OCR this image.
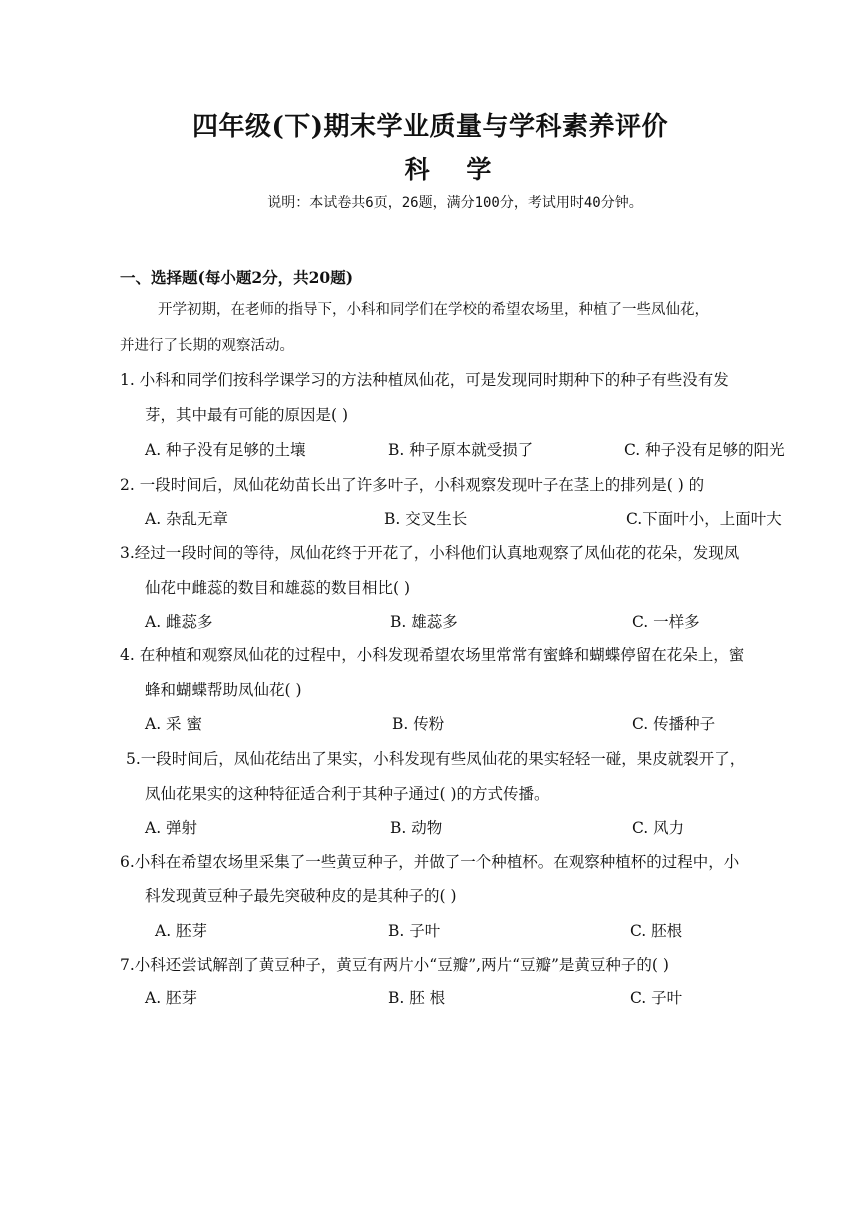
四年级(下)期末学业质量与学科素养评价
科 学
说明：本试卷共6页，26题，满分100分，考试用时40分钟。
一、选择题(每小题2分，共20题)
开学初期，在老师的指导下，小科和同学们在学校的希望农场里，种植了一些凤仙花，
并进行了长期的观察活动。
1. 小科和同学们按科学课学习的方法种植凤仙花，可是发现同时期种下的种子有些没有发
芽，其中最有可能的原因是( )
A. 种子没有足够的土壤	B. 种子原本就受损了	C. 种子没有足够的阳光
2. 一段时间后，凤仙花幼苗长出了许多叶子，小科观察发现叶子在茎上的排列是( ) 的
A. 杂乱无章	B. 交叉生长	C.下面叶小，上面叶大
3.经过一段时间的等待，凤仙花终于开花了，小科他们认真地观察了凤仙花的花朵，发现凤
仙花中雌蕊的数目和雄蕊的数目相比( )
A. 雌蕊多	B. 雄蕊多	C. 一样多
4. 在种植和观察凤仙花的过程中，小科发现希望农场里常常有蜜蜂和蝴蝶停留在花朵上，蜜
蜂和蝴蝶帮助凤仙花( )
A. 采 蜜	B. 传粉	C. 传播种子
5.一段时间后，凤仙花结出了果实，小科发现有些凤仙花的果实轻轻一碰，果皮就裂开了，
凤仙花果实的这种特征适合利于其种子通过( )的方式传播。
A. 弹射	B. 动物	C. 风力
6.小科在希望农场里采集了一些黄豆种子，并做了一个种植杯。在观察种植杯的过程中，小
科发现黄豆种子最先突破种皮的是其种子的( )
A. 胚芽	B. 子叶	C. 胚根
7.小科还尝试解剖了黄豆种子，黄豆有两片小“豆瓣”,两片“豆瓣”是黄豆种子的( )
A. 胚芽	B. 胚 根	C. 子叶
